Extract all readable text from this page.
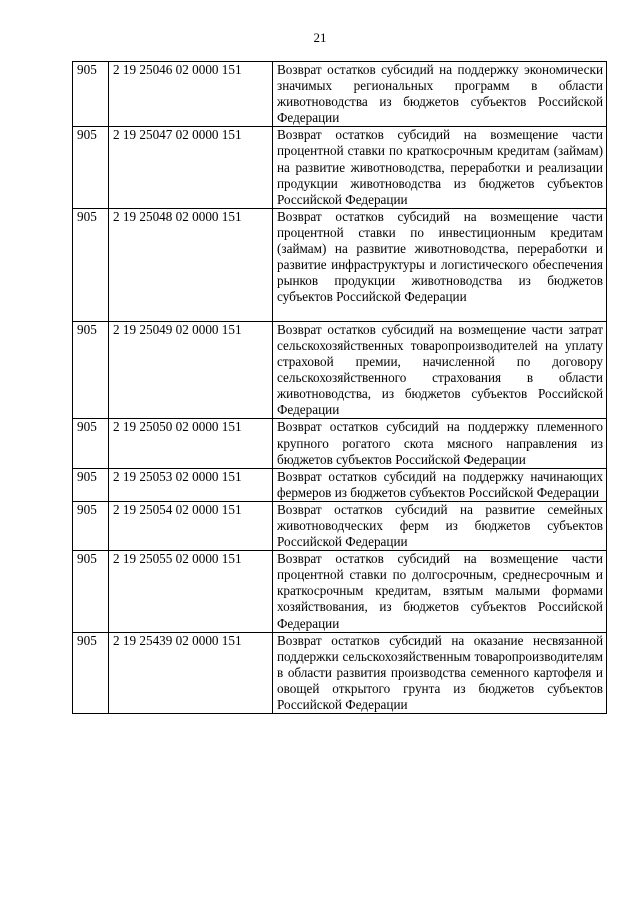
21
905	2 19 25046 02 0000 151	Возврат остатков субсидий на поддержку экономически значимых региональных программ в области животноводства из бюджетов субъектов Российской Федерации
905	2 19 25047 02 0000 151	Возврат остатков субсидий на возмещение части процентной ставки по краткосрочным кредитам (займам) на развитие животноводства, переработки и реализации продукции животноводства из бюджетов субъектов Российской Федерации
905	2 19 25048 02 0000 151	Возврат остатков субсидий на возмещение части процентной ставки по инвестиционным кредитам (займам) на развитие животноводства, переработки и развитие инфраструктуры и логистического обеспечения рынков продукции животноводства из бюджетов субъектов Российской Федерации
905	2 19 25049 02 0000 151	Возврат остатков субсидий на возмещение части затрат сельскохозяйственных товаропроизводителей на уплату страховой премии, начисленной по договору сельскохозяйственного страхования в области животноводства, из бюджетов субъектов Российской Федерации
905	2 19 25050 02 0000 151	Возврат остатков субсидий на поддержку племенного крупного рогатого скота мясного направления из бюджетов субъектов Российской Федерации
905	2 19 25053 02 0000 151	Возврат остатков субсидий на поддержку начинающих фермеров из бюджетов субъектов Российской Федерации
905	2 19 25054 02 0000 151	Возврат остатков субсидий на развитие семейных животноводческих ферм из бюджетов субъектов Российской Федерации
905	2 19 25055 02 0000 151	Возврат остатков субсидий на возмещение части процентной ставки по долгосрочным, среднесрочным и краткосрочным кредитам, взятым малыми формами хозяйствования, из бюджетов субъектов Российской Федерации
905	2 19 25439 02 0000 151	Возврат остатков субсидий на оказание несвязанной поддержки сельскохозяйственным товаропроизводителям в области развития производства семенного картофеля и овощей открытого грунта из бюджетов субъектов Российской Федерации
